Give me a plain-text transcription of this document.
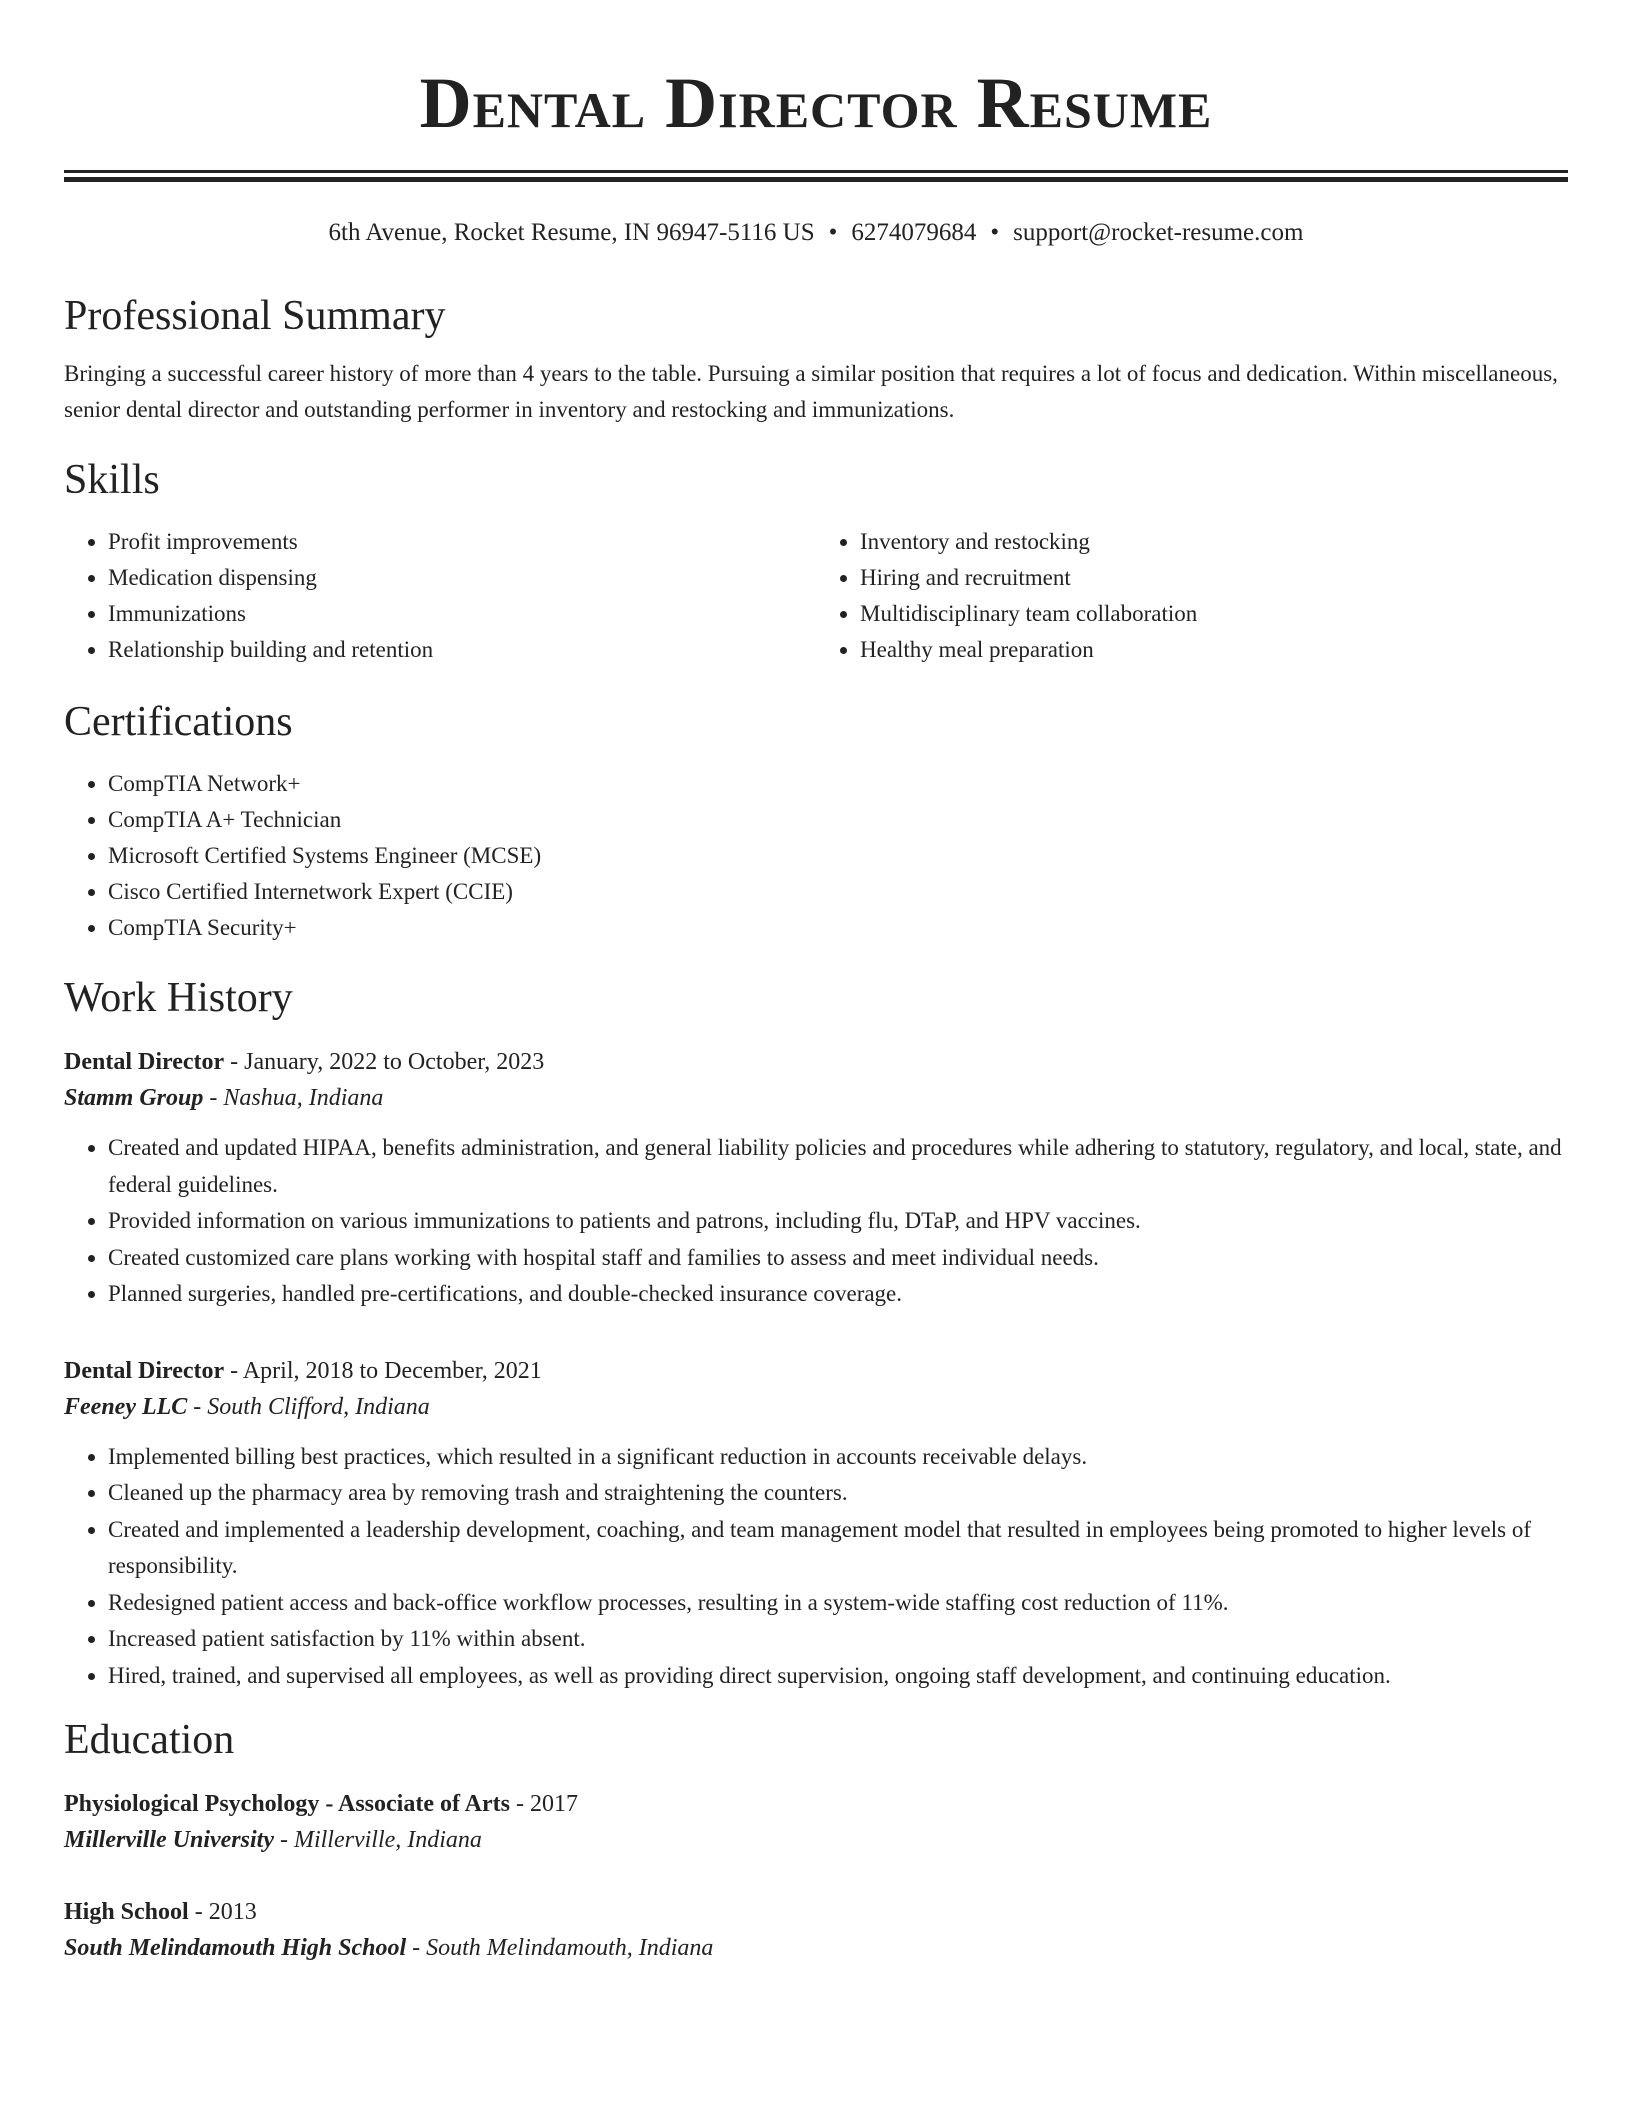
Dental Director Resume
6th Avenue, Rocket Resume, IN 96947-5116 US • 6274079684 • support@rocket-resume.com
Professional Summary

Bringing a successful career history of more than 4 years to the table. Pursuing a similar position that requires a lot of focus and dedication. Within miscellaneous, senior dental director and outstanding performer in inventory and restocking and immunizations.

Skills
• Profit improvements
• Medication dispensing
• Immunizations
• Relationship building and retention
• Inventory and restocking
• Hiring and recruitment
• Multidisciplinary team collaboration
• Healthy meal preparation
Certifications
• CompTIA Network+
• CompTIA A+ Technician
• Microsoft Certified Systems Engineer (MCSE)
• Cisco Certified Internetwork Expert (CCIE)
• CompTIA Security+
Work History
Dental Director - January, 2022 to October, 2023
Stamm Group - Nashua, Indiana
• Created and updated HIPAA, benefits administration, and general liability policies and procedures while adhering to statutory, regulatory, and local, state, and federal guidelines.
• Provided information on various immunizations to patients and patrons, including flu, DTaP, and HPV vaccines.
• Created customized care plans working with hospital staff and families to assess and meet individual needs.
• Planned surgeries, handled pre-certifications, and double-checked insurance coverage.
Dental Director - April, 2018 to December, 2021
Feeney LLC - South Clifford, Indiana
• Implemented billing best practices, which resulted in a significant reduction in accounts receivable delays.
• Cleaned up the pharmacy area by removing trash and straightening the counters.
• Created and implemented a leadership development, coaching, and team management model that resulted in employees being promoted to higher levels of responsibility.
• Redesigned patient access and back-office workflow processes, resulting in a system-wide staffing cost reduction of 11%.
• Increased patient satisfaction by 11% within absent.
• Hired, trained, and supervised all employees, as well as providing direct supervision, ongoing staff development, and continuing education.
Education
Physiological Psychology - Associate of Arts - 2017
Millerville University - Millerville, Indiana
High School - 2013
South Melindamouth High School - South Melindamouth, Indiana
